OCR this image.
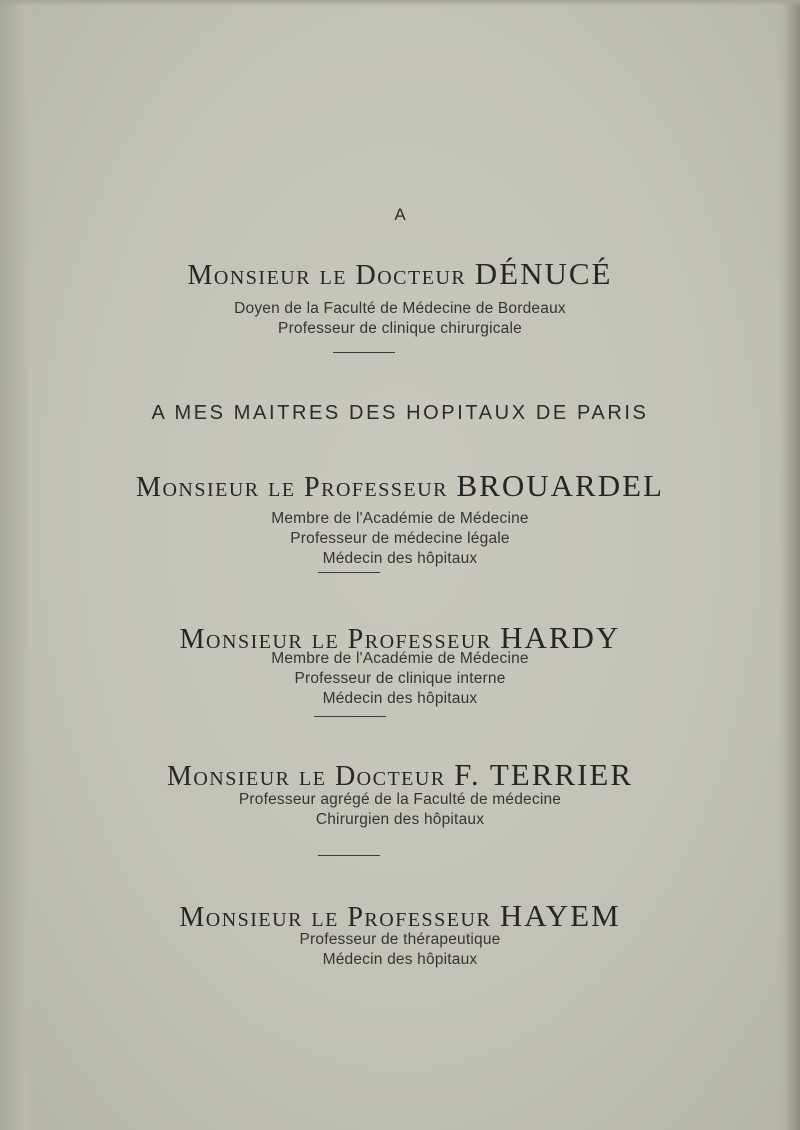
A
Monsieur le Docteur DÉNUCÉ
Doyen de la Faculté de Médecine de Bordeaux
Professeur de clinique chirurgicale
A MES MAITRES DES HOPITAUX DE PARIS
Monsieur le Professeur BROUARDEL
Membre de l'Académie de Médecine
Professeur de médecine légale
Médecin des hôpitaux
Monsieur le Professeur HARDY
Membre de l'Académie de Médecine
Professeur de clinique interne
Médecin des hôpitaux
Monsieur le Docteur F. TERRIER
Professeur agrégé de la Faculté de médecine
Chirurgien des hôpitaux
Monsieur le Professeur HAYEM
Professeur de thérapeutique
Médecin des hôpitaux
